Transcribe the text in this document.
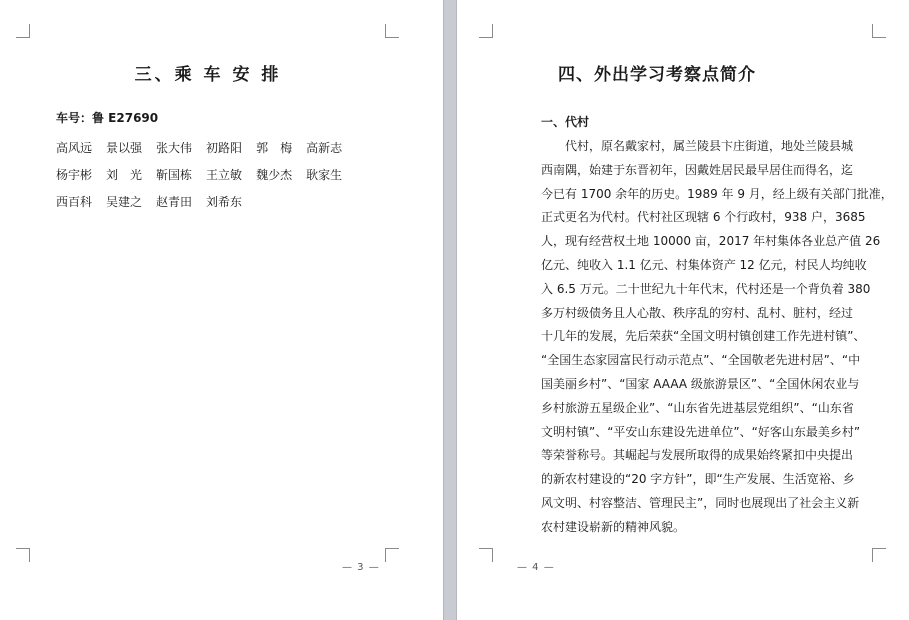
三、乘 车 安 排
车号：鲁 E27690
高风远 景以强 张大伟 初路阳 郭　梅 高新志
杨宇彬 刘　光 靳国栋 王立敏 魏少杰 耿家生
西百科 吴建之 赵青田 刘希东
— 3 —
四、外出学习考察点简介
一、代村
　　代村，原名戴家村，属兰陵县卞庄街道，地处兰陵县城
西南隅，始建于东晋初年，因戴姓居民最早居住而得名，迄
今已有 1700 余年的历史。1989 年 9 月，经上级有关部门批准，
正式更名为代村。代村社区现辖 6 个行政村，938 户，3685
人，现有经营权土地 10000 亩，2017 年村集体各业总产值 26
亿元、纯收入 1.1 亿元、村集体资产 12 亿元，村民人均纯收
入 6.5 万元。二十世纪九十年代末，代村还是一个背负着 380
多万村级债务且人心散、秩序乱的穷村、乱村、脏村，经过
十几年的发展，先后荣获“全国文明村镇创建工作先进村镇”、
“全国生态家园富民行动示范点”、“全国敬老先进村居”、“中
国美丽乡村”、“国家 AAAA 级旅游景区”、“全国休闲农业与
乡村旅游五星级企业”、“山东省先进基层党组织”、“山东省
文明村镇”、“平安山东建设先进单位”、“好客山东最美乡村”
等荣誉称号。其崛起与发展所取得的成果始终紧扣中央提出
的新农村建设的“20 字方针”，即“生产发展、生活宽裕、乡
风文明、村容整洁、管理民主”，同时也展现出了社会主义新
农村建设崭新的精神风貌。
— 4 —
